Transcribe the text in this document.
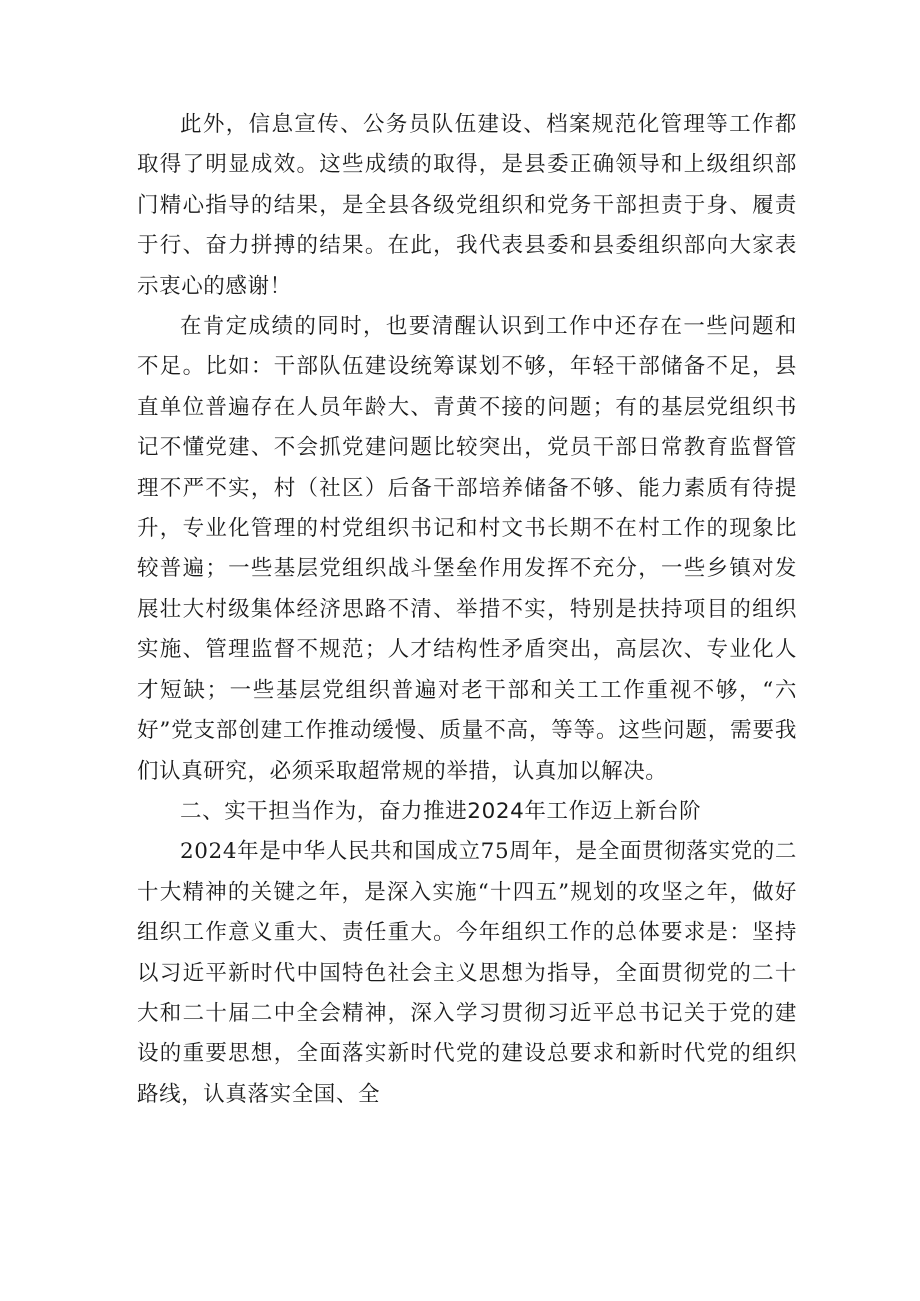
此外，信息宣传、公务员队伍建设、档案规范化管理等工作都取得了明显成效。这些成绩的取得，是县委正确领导和上级组织部门精心指导的结果，是全县各级党组织和党务干部担责于身、履责于行、奋力拼搏的结果。在此，我代表县委和县委组织部向大家表示衷心的感谢！

在肯定成绩的同时，也要清醒认识到工作中还存在一些问题和不足。比如：干部队伍建设统筹谋划不够，年轻干部储备不足，县直单位普遍存在人员年龄大、青黄不接的问题；有的基层党组织书记不懂党建、不会抓党建问题比较突出，党员干部日常教育监督管理不严不实，村（社区）后备干部培养储备不够、能力素质有待提升，专业化管理的村党组织书记和村文书长期不在村工作的现象比较普遍；一些基层党组织战斗堡垒作用发挥不充分，一些乡镇对发展壮大村级集体经济思路不清、举措不实，特别是扶持项目的组织实施、管理监督不规范；人才结构性矛盾突出，高层次、专业化人才短缺；一些基层党组织普遍对老干部和关工工作重视不够，“六好”党支部创建工作推动缓慢、质量不高，等等。这些问题，需要我们认真研究，必须采取超常规的举措，认真加以解决。

二、实干担当作为，奋力推进2024年工作迈上新台阶

2024年是中华人民共和国成立75周年，是全面贯彻落实党的二十大精神的关键之年，是深入实施“十四五”规划的攻坚之年，做好组织工作意义重大、责任重大。今年组织工作的总体要求是：坚持以习近平新时代中国特色社会主义思想为指导，全面贯彻党的二十大和二十届二中全会精神，深入学习贯彻习近平总书记关于党的建设的重要思想，全面落实新时代党的建设总要求和新时代党的组织路线，认真落实全国、全
